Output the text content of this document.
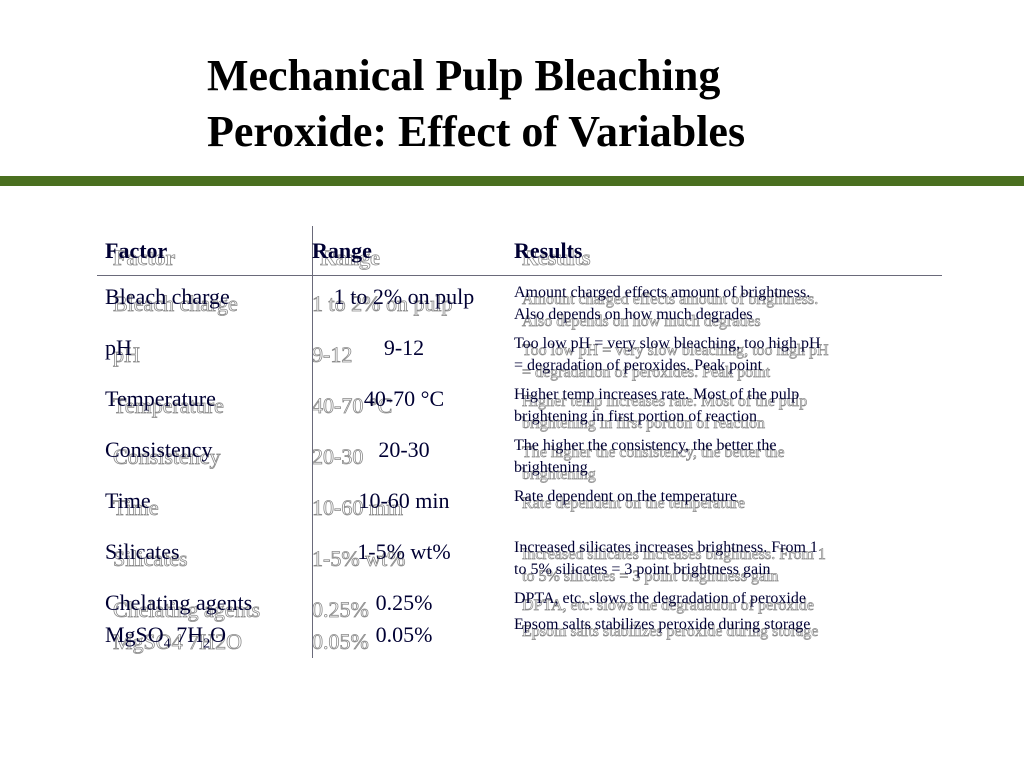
Mechanical Pulp Bleaching
Peroxide: Effect of Variables
Factor Factor	Range Range	Results Results
Bleach charge Bleach charge
pH pH
Temperature Temperature
Consistency Consistency
Time Time
Silicates Silicates
Chelating agents Chelating agents
MgSO$_4$ $7H_2O$ MgSO4 7H2O
1 to 2% on pulp 1 to 2% on pulp
9-12 9-12
40-70 °C 40-70 °C
20-30 20-30
10-60 min 10-60 min
1-5% wt% 1-5% wt%
0.25% 0.25%
0.05% 0.05%
Amount charged effects amount of brightness. Amount charged effects amount of brightness.
Also depends on how much degrades Also depends on how much degrades
Too low pH = very slow bleaching, too high pH Too low pH = very slow bleaching, too high pH
= degradation of peroxides. Peak point = degradation of peroxides. Peak point
Higher temp increases rate. Most of the pulp Higher temp increases rate. Most of the pulp
brightening in first portion of reaction brightening in first portion of reaction
The higher the consistency, the better the The higher the consistency, the better the
brightening brightening
Rate dependent on the temperature Rate dependent on the temperature
Increased silicates increases brightness. From 1 Increased silicates increases brightness. From 1
to 5% silicates = 3 point brightness gain to 5% silicates = 3 point brightness gain
DPTA, etc. slows the degradation of peroxide DPTA, etc. slows the degradation of peroxide
Epsom salts stabilizes peroxide during storage Epsom salts stabilizes peroxide during storage
